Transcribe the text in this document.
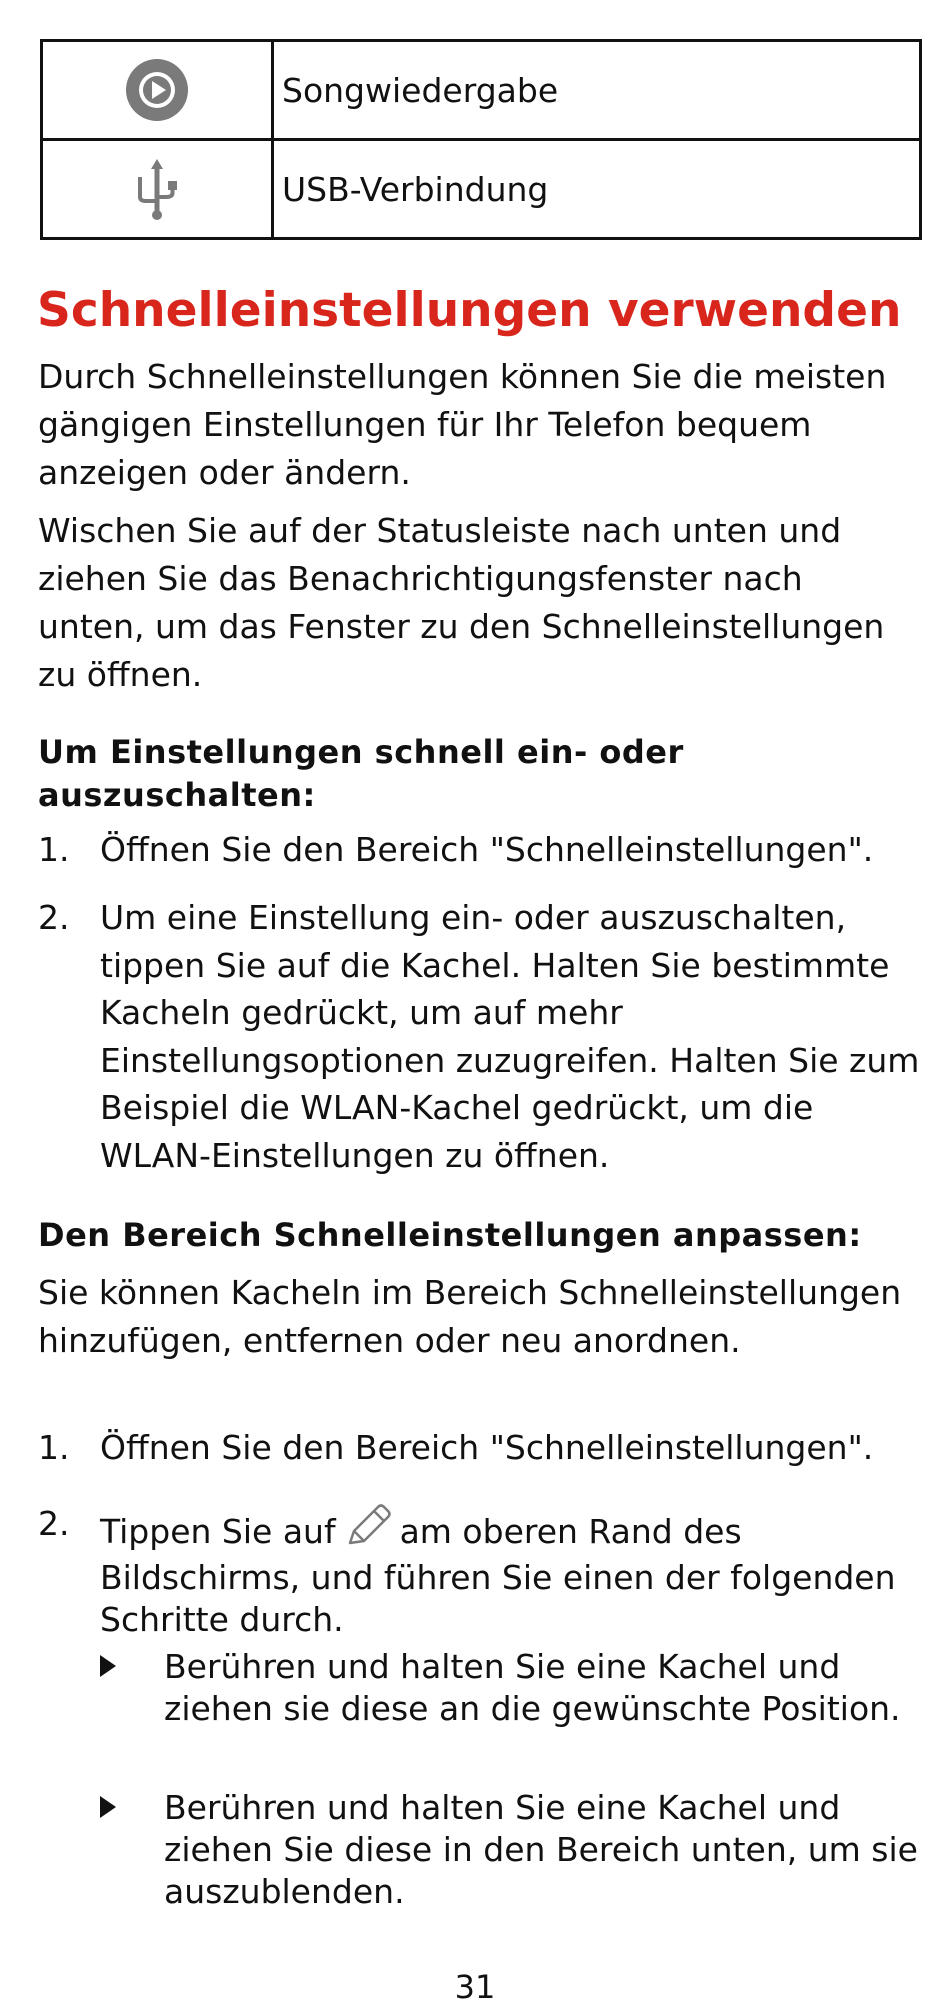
	Songwiedergabe
	USB-Verbindung
Schnelleinstellungen verwenden

Durch Schnelleinstellungen können Sie die meisten gängigen Einstellungen für Ihr Telefon bequem anzeigen oder ändern.

Wischen Sie auf der Statusleiste nach unten und ziehen Sie das Benachrichtigungsfenster nach unten, um das Fenster zu den Schnelleinstellungen zu öffnen.

Um Einstellungen schnell ein- oder auszuschalten:

1. Öffnen Sie den Bereich "Schnelleinstellungen".
2. Um eine Einstellung ein- oder auszuschalten, tippen Sie auf die Kachel. Halten Sie bestimmte Kacheln gedrückt, um auf mehr Einstellungsoptionen zuzugreifen. Halten Sie zum Beispiel die WLAN-Kachel gedrückt, um die WLAN-Einstellungen zu öffnen.

Den Bereich Schnelleinstellungen anpassen:

Sie können Kacheln im Bereich Schnelleinstellungen hinzufügen, entfernen oder neu anordnen.

1. Öffnen Sie den Bereich "Schnelleinstellungen".
2. Tippen Sie auf am oberen Rand des Bildschirms, und führen Sie einen der folgenden Schritte durch.
Berühren und halten Sie eine Kachel und ziehen sie diese an die gewünschte Position.
Berühren und halten Sie eine Kachel und ziehen Sie diese in den Bereich unten, um sie auszublenden.
31
